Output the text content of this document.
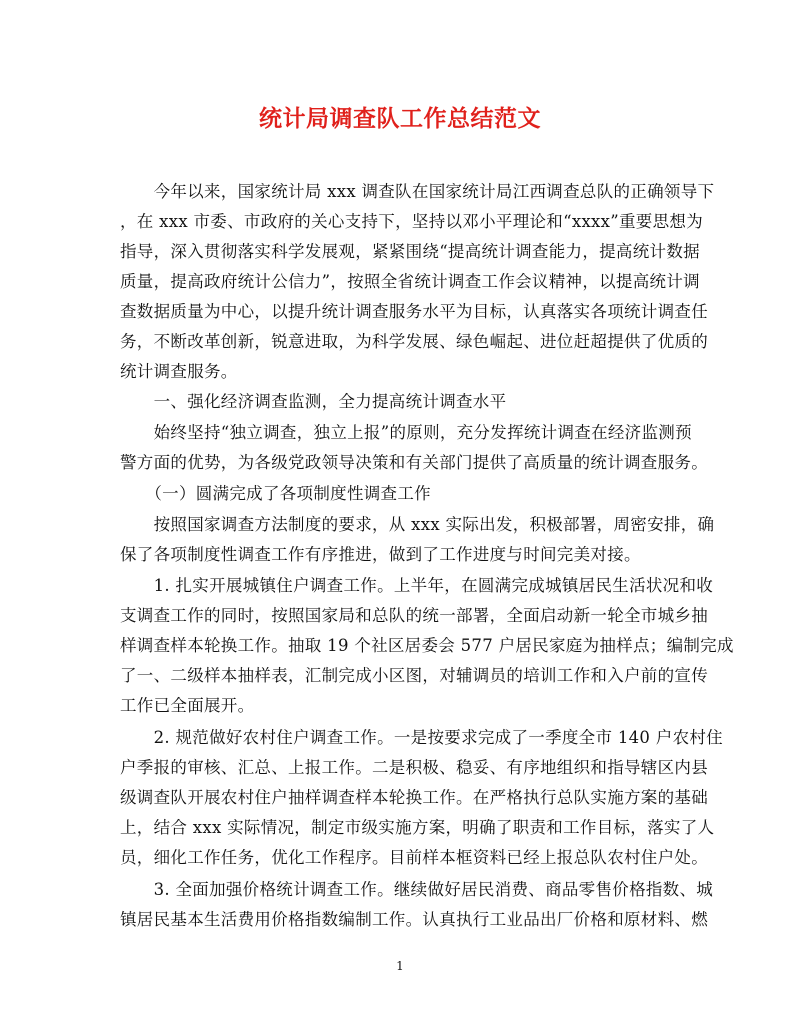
统计局调查队工作总结范文

　　今年以来，国家统计局 xxx 调查队在国家统计局江西调查总队的正确领导下

，在 xxx 市委、市政府的关心支持下，坚持以邓小平理论和“xxxx”重要思想为

指导，深入贯彻落实科学发展观，紧紧围绕“提高统计调查能力，提高统计数据

质量，提高政府统计公信力”，按照全省统计调查工作会议精神，以提高统计调

查数据质量为中心，以提升统计调查服务水平为目标，认真落实各项统计调查任

务，不断改革创新，锐意进取，为科学发展、绿色崛起、进位赶超提供了优质的

统计调查服务。

　　一、强化经济调查监测，全力提高统计调查水平

　　始终坚持“独立调查，独立上报”的原则，充分发挥统计调查在经济监测预

警方面的优势，为各级党政领导决策和有关部门提供了高质量的统计调查服务。

　　（一）圆满完成了各项制度性调查工作

　　按照国家调查方法制度的要求，从 xxx 实际出发，积极部署，周密安排，确

保了各项制度性调查工作有序推进，做到了工作进度与时间完美对接。

　　1. 扎实开展城镇住户调查工作。上半年，在圆满完成城镇居民生活状况和收

支调查工作的同时，按照国家局和总队的统一部署，全面启动新一轮全市城乡抽

样调查样本轮换工作。抽取 19 个社区居委会 577 户居民家庭为抽样点；编制完成

了一、二级样本抽样表，汇制完成小区图，对辅调员的培训工作和入户前的宣传

工作已全面展开。

　　2. 规范做好农村住户调查工作。一是按要求完成了一季度全市 140 户农村住

户季报的审核、汇总、上报工作。二是积极、稳妥、有序地组织和指导辖区内县

级调查队开展农村住户抽样调查样本轮换工作。在严格执行总队实施方案的基础

上，结合 xxx 实际情况，制定市级实施方案，明确了职责和工作目标，落实了人

员，细化工作任务，优化工作程序。目前样本框资料已经上报总队农村住户处。

　　3. 全面加强价格统计调查工作。继续做好居民消费、商品零售价格指数、城

镇居民基本生活费用价格指数编制工作。认真执行工业品出厂价格和原材料、燃

1
